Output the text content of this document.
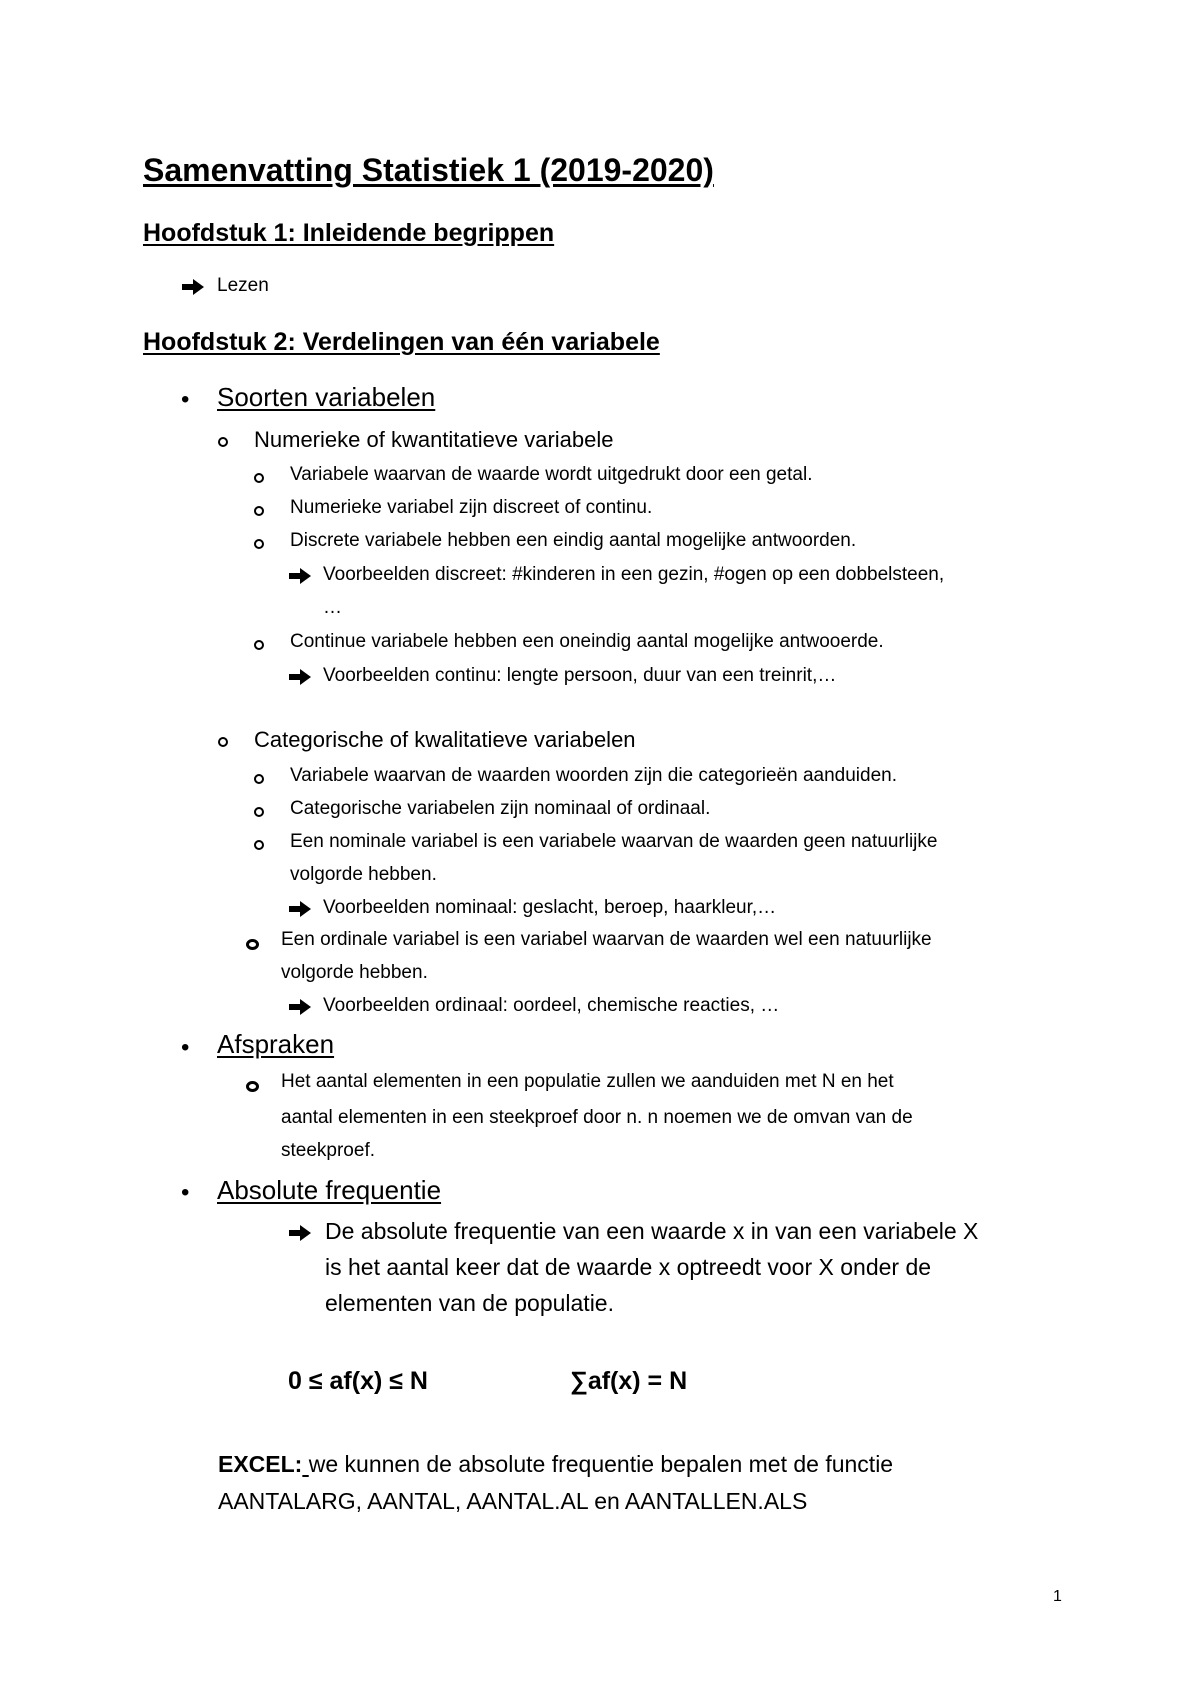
Samenvatting Statistiek 1 (2019-2020)
Hoofdstuk 1: Inleidende begrippen
Lezen
Hoofdstuk 2: Verdelingen van één variabele
• Soorten variabelen
Numerieke of kwantitatieve variabele
Variabele waarvan de waarde wordt uitgedrukt door een getal.
Numerieke variabel zijn discreet of continu.
Discrete variabele hebben een eindig aantal mogelijke antwoorden.
Voorbeelden discreet: #kinderen in een gezin, #ogen op een dobbelsteen,
…
Continue variabele hebben een oneindig aantal mogelijke antwooerde.
Voorbeelden continu: lengte persoon, duur van een treinrit,…
Categorische of kwalitatieve variabelen
Variabele waarvan de waarden woorden zijn die categorieën aanduiden.
Categorische variabelen zijn nominaal of ordinaal.
Een nominale variabel is een variabele waarvan de waarden geen natuurlijke
volgorde hebben.
Voorbeelden nominaal: geslacht, beroep, haarkleur,…
Een ordinale variabel is een variabel waarvan de waarden wel een natuurlijke
volgorde hebben.
Voorbeelden ordinaal: oordeel, chemische reacties, …
• Afspraken
Het aantal elementen in een populatie zullen we aanduiden met N en het
aantal elementen in een steekproef door n. n noemen we de omvan van de
steekproef.
• Absolute frequentie
De absolute frequentie van een waarde x in van een variabele X
is het aantal keer dat de waarde x optreedt voor X onder de
elementen van de populatie.
0 ≤ af(x) ≤ N	∑af(x) = N
EXCEL: we kunnen de absolute frequentie bepalen met de functie
AANTALARG, AANTAL, AANTAL.AL en AANTALLEN.ALS
1
